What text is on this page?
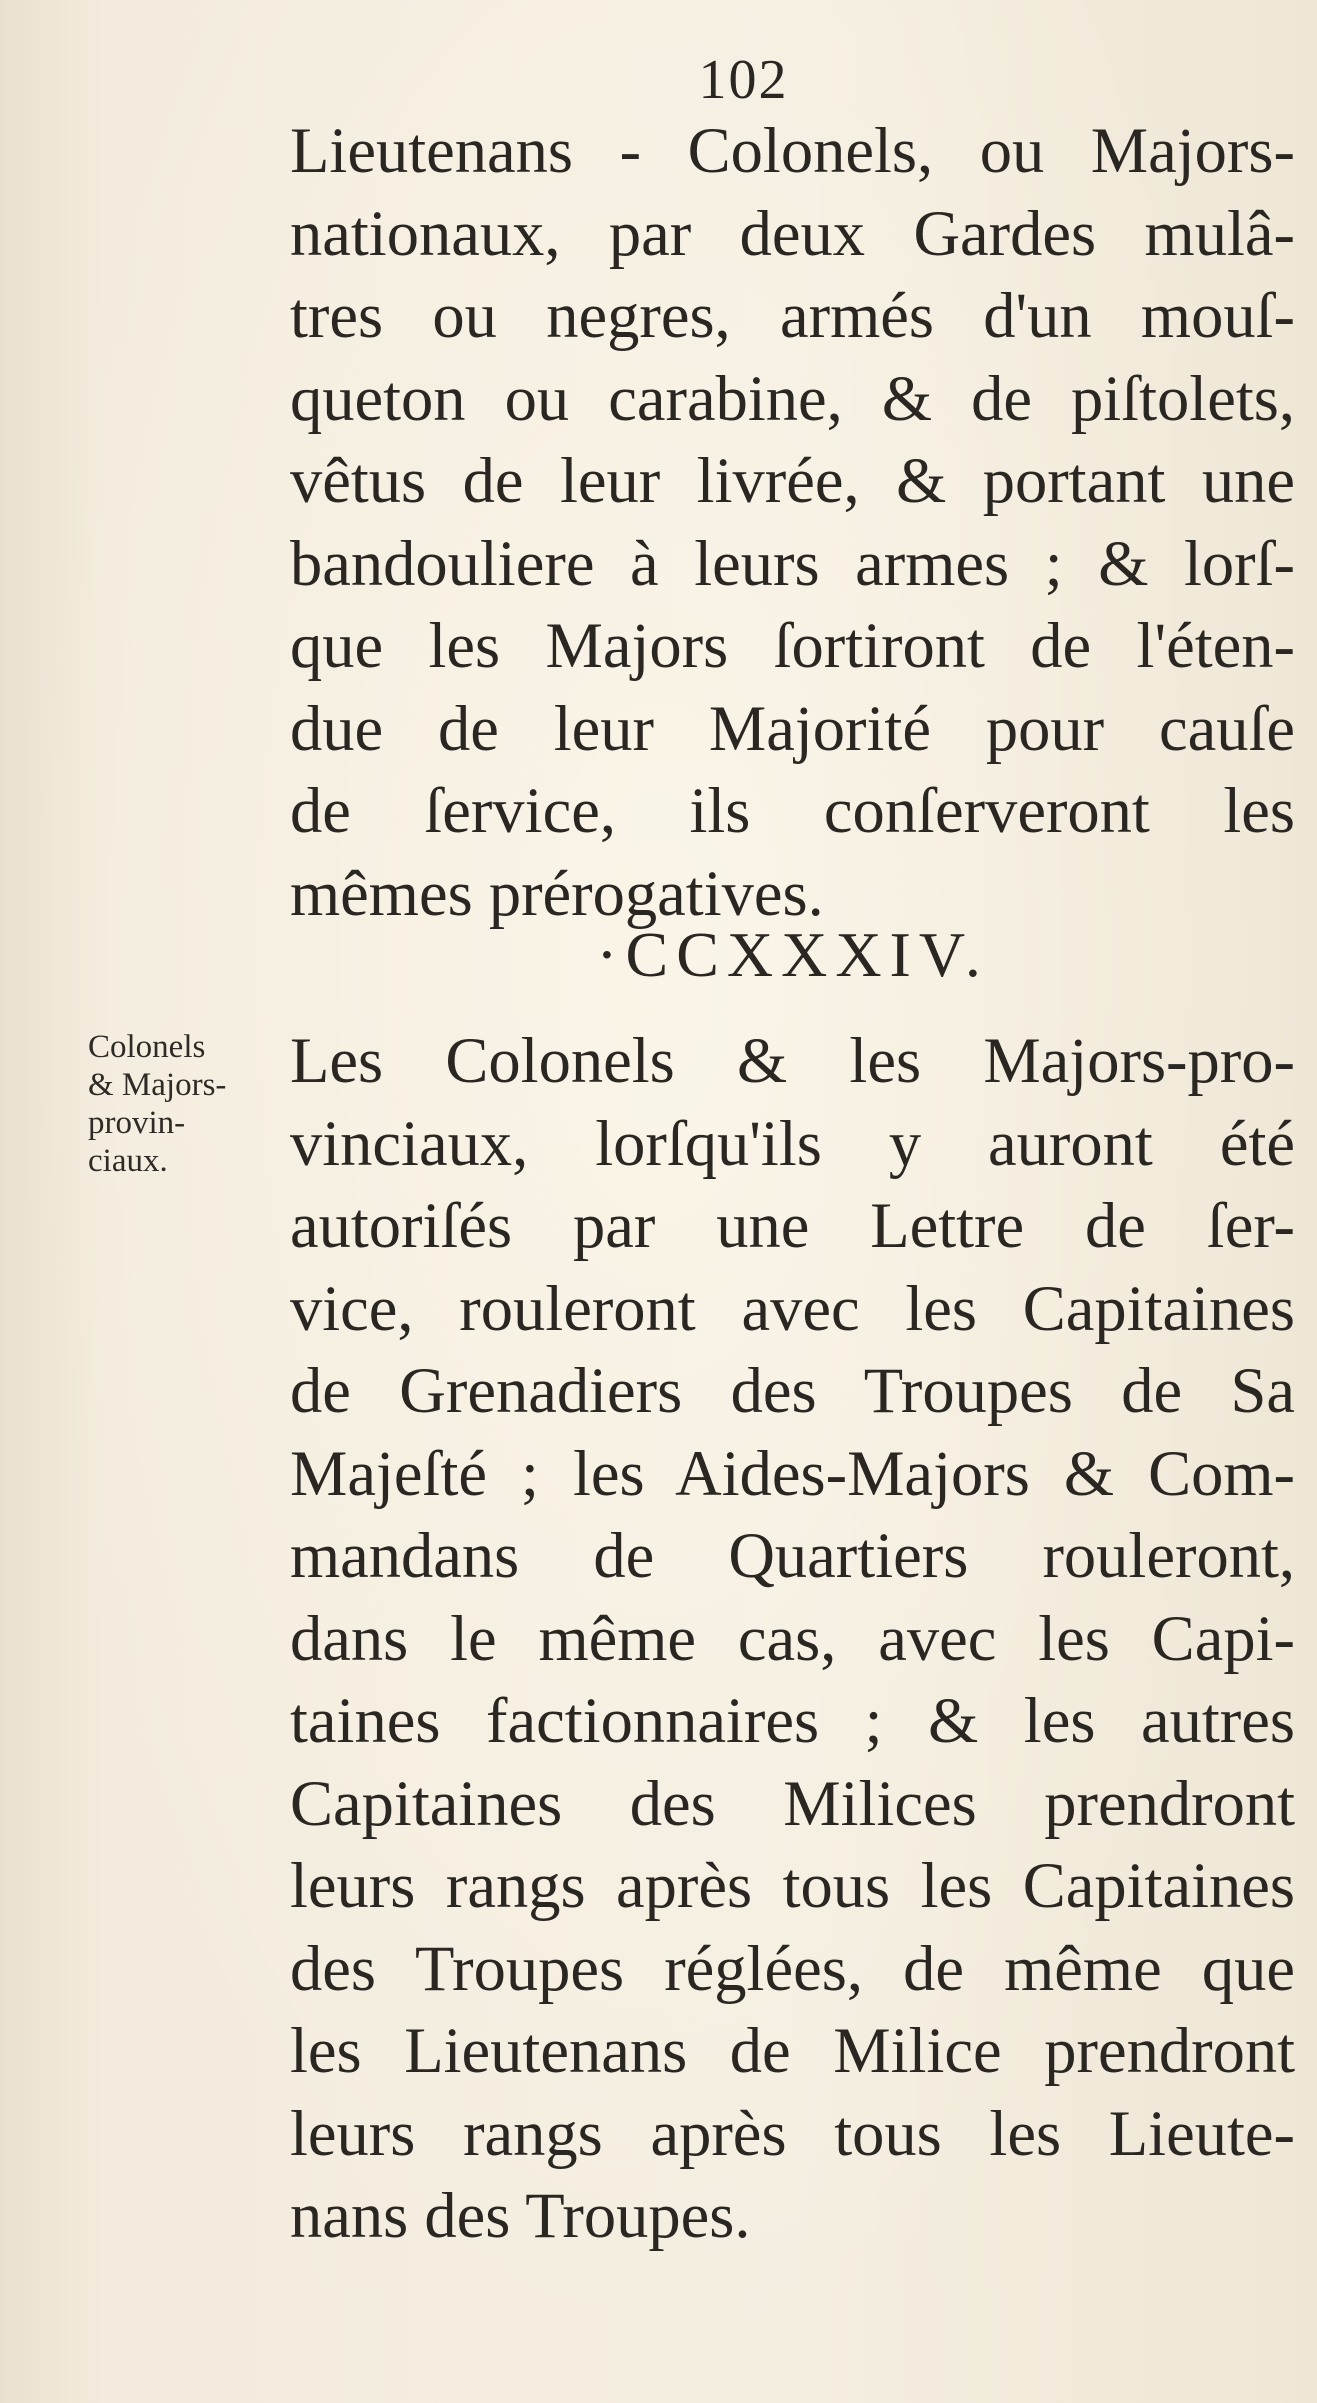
102
Lieutenans - Colonels, ou Majors-
nationaux, par deux Gardes mulâ-
tres ou negres, armés d'un mouſ-
queton ou carabine, & de piſtolets,
vêtus de leur livrée, & portant une
bandouliere à leurs armes ; & lorſ-
que les Majors ſortiront de l'éten-
due de leur Majorité pour cauſe
de ſervice, ils conſerveront les
mêmes prérogatives.
·CCXXXIV.
Colonels
& Majors-
provin-
ciaux.
Les Colonels & les Majors-pro-
vinciaux, lorſqu'ils y auront été
autoriſés par une Lettre de ſer-
vice, rouleront avec les Capitaines
de Grenadiers des Troupes de Sa
Majeſté ; les Aides-Majors & Com-
mandans de Quartiers rouleront,
dans le même cas, avec les Capi-
taines factionnaires ; & les autres
Capitaines des Milices prendront
leurs rangs après tous les Capitaines
des Troupes réglées, de même que
les Lieutenans de Milice prendront
leurs rangs après tous les Lieute-
nans des Troupes.
